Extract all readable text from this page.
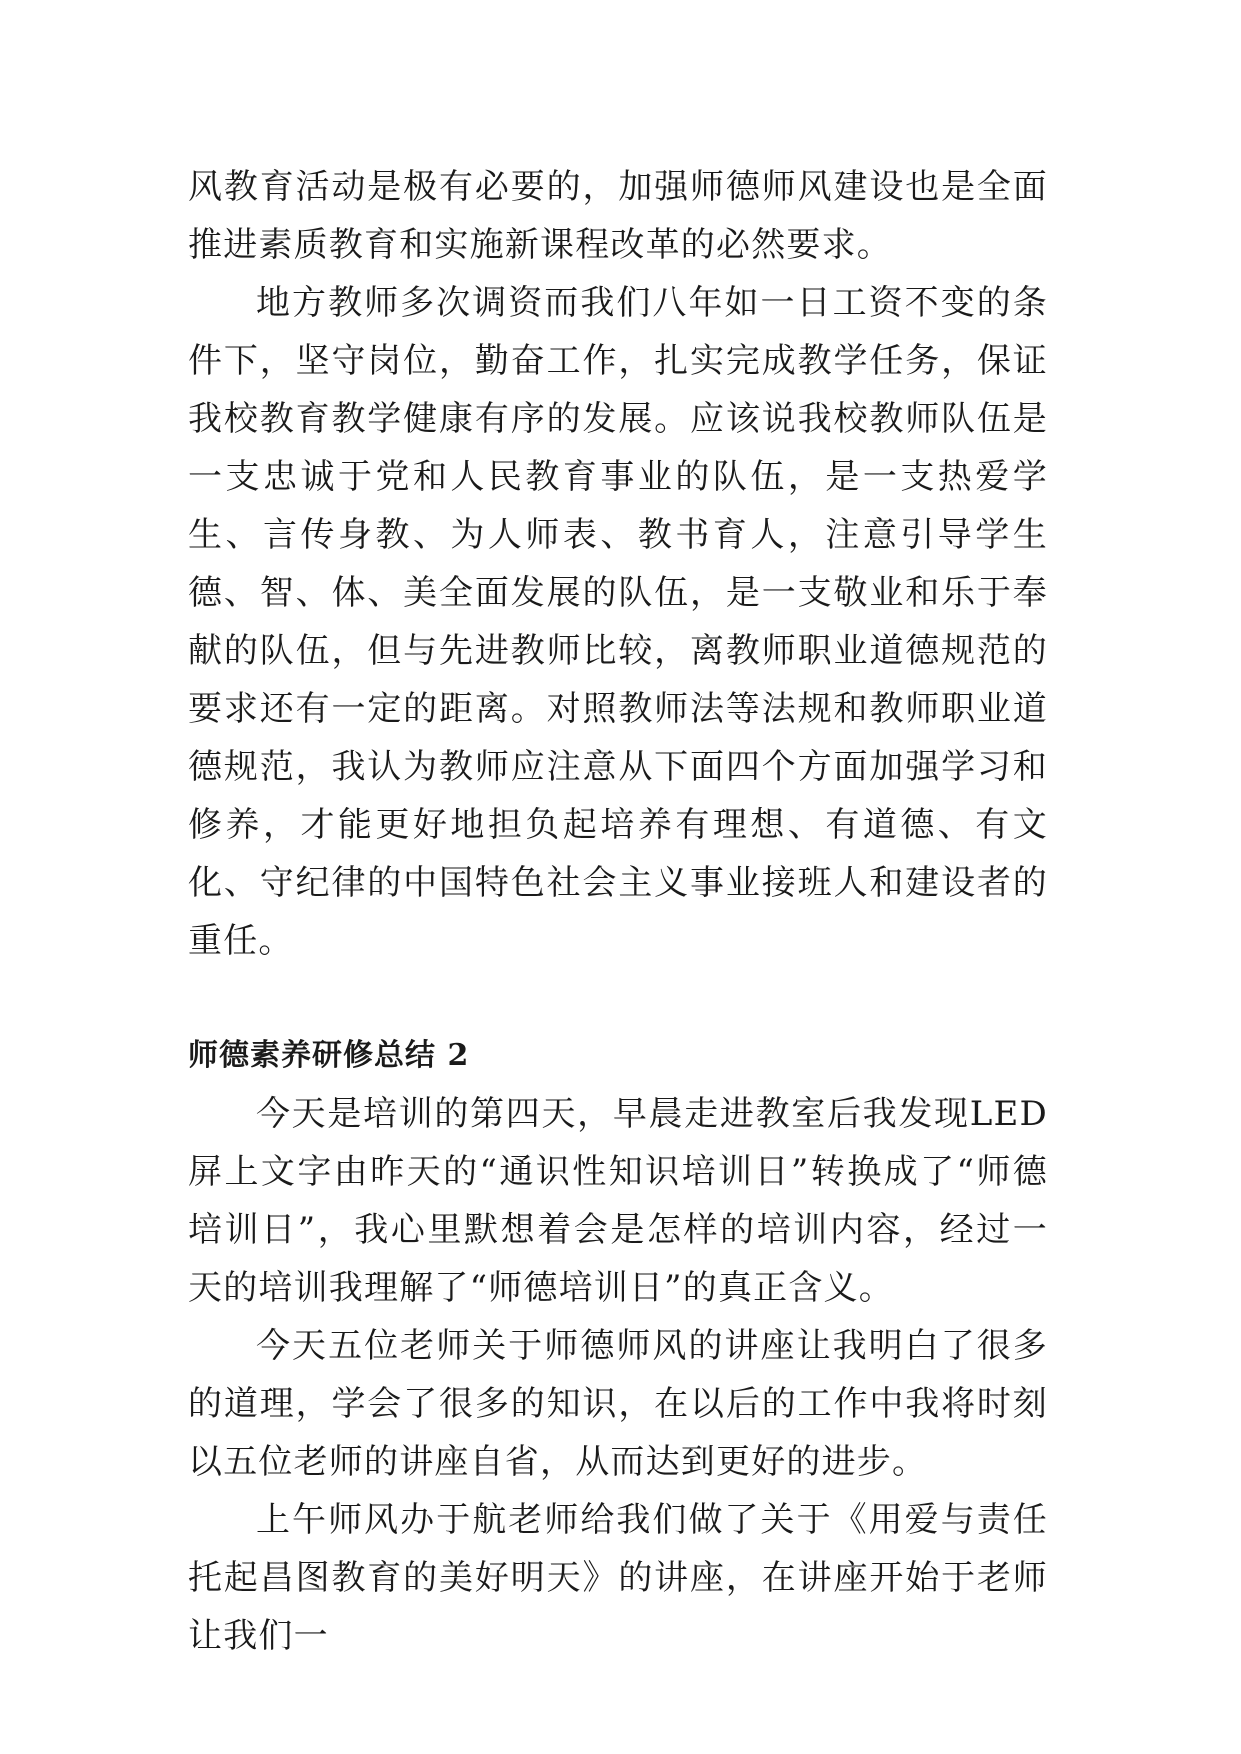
风教育活动是极有必要的，加强师德师风建设也是全面推进素质教育和实施新课程改革的必然要求。

地方教师多次调资而我们八年如一日工资不变的条件下，坚守岗位，勤奋工作，扎实完成教学任务，保证我校教育教学健康有序的发展。应该说我校教师队伍是一支忠诚于党和人民教育事业的队伍，是一支热爱学生、言传身教、为人师表、教书育人，注意引导学生德、智、体、美全面发展的队伍，是一支敬业和乐于奉献的队伍，但与先进教师比较，离教师职业道德规范的要求还有一定的距离。对照教师法等法规和教师职业道德规范，我认为教师应注意从下面四个方面加强学习和修养，才能更好地担负起培养有理想、有道德、有文化、守纪律的中国特色社会主义事业接班人和建设者的重任。

师德素养研修总结 2

今天是培训的第四天，早晨走进教室后我发现LED屏上文字由昨天的“通识性知识培训日”转换成了“师德培训日”，我心里默想着会是怎样的培训内容，经过一天的培训我理解了“师德培训日”的真正含义。

今天五位老师关于师德师风的讲座让我明白了很多的道理，学会了很多的知识，在以后的工作中我将时刻以五位老师的讲座自省，从而达到更好的进步。

上午师风办于航老师给我们做了关于《用爱与责任托起昌图教育的美好明天》的讲座，在讲座开始于老师让我们一
